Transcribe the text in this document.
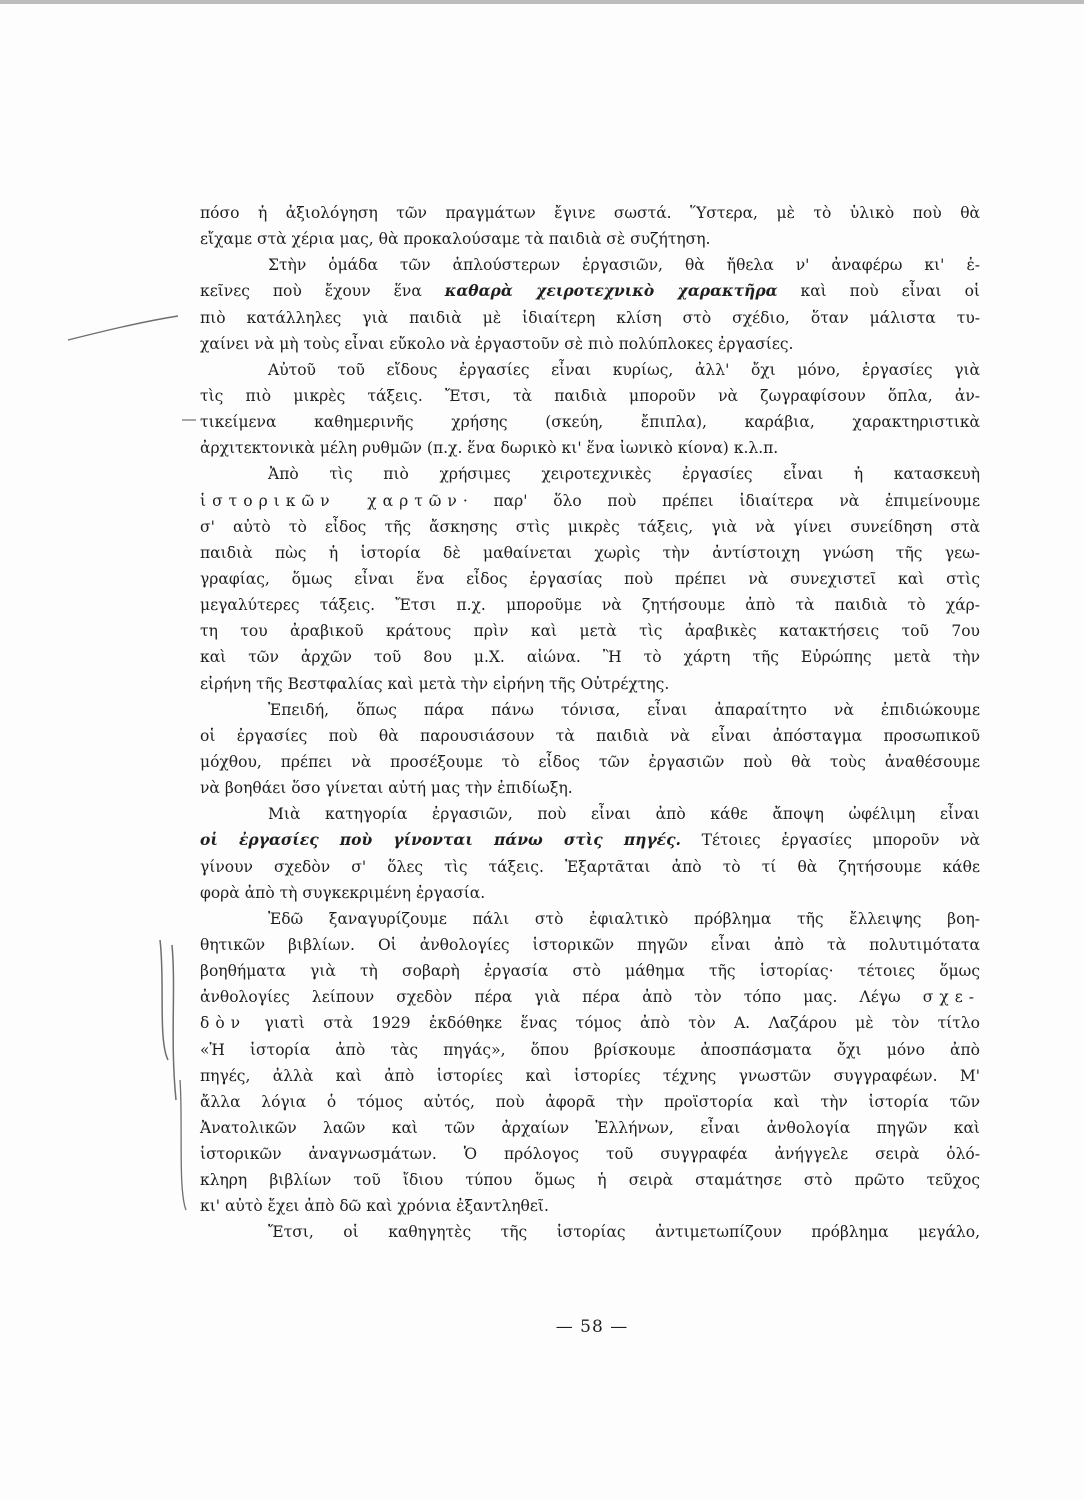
πόσο ἡ ἀξιολόγηση τῶν πραγμάτων ἔγινε σωστά. Ὕστερα, μὲ τὸ ὑλικὸ ποὺ θὰ
εἴχαμε στὰ χέρια μας, θὰ προκαλούσαμε τὰ παιδιὰ σὲ συζήτηση.
Στὴν ὁμάδα τῶν ἁπλούστερων ἐργασιῶν, θὰ ἤθελα ν' ἀναφέρω κι' ἐ-
κεῖνες ποὺ ἔχουν ἕνα καθαρὰ χειροτεχνικὸ χαρακτῆρα καὶ ποὺ εἶναι οἱ
πιὸ κατάλληλες γιὰ παιδιὰ μὲ ἰδιαίτερη κλίση στὸ σχέδιο, ὅταν μάλιστα τυ-
χαίνει νὰ μὴ τοὺς εἶναι εὔκολο νὰ ἐργαστοῦν σὲ πιὸ πολύπλοκες ἐργασίες.
Αὐτοῦ τοῦ εἴδους ἐργασίες εἶναι κυρίως, ἀλλ' ὄχι μόνο, ἐργασίες γιὰ
τὶς πιὸ μικρὲς τάξεις. Ἔτσι, τὰ παιδιὰ μποροῦν νὰ ζωγραφίσουν ὅπλα, ἀν-
τικείμενα καθημερινῆς χρήσης (σκεύη, ἔπιπλα), καράβια, χαρακτηριστικὰ
ἀρχιτεκτονικὰ μέλη ρυθμῶν (π.χ. ἕνα δωρικὸ κι' ἕνα ἰωνικὸ κίονα) κ.λ.π.
Ἀπὸ τὶς πιὸ χρήσιμες χειροτεχνικὲς ἐργασίες εἶναι ἡ κατασκευὴ
ἱστορικῶν χαρτῶν· παρ' ὅλο ποὺ πρέπει ἰδιαίτερα νὰ ἐπιμείνουμε
σ' αὐτὸ τὸ εἶδος τῆς ἄσκησης στὶς μικρὲς τάξεις, γιὰ νὰ γίνει συνείδηση στὰ
παιδιὰ πὼς ἡ ἱστορία δὲ μαθαίνεται χωρὶς τὴν ἀντίστοιχη γνώση τῆς γεω-
γραφίας, ὅμως εἶναι ἕνα εἶδος ἐργασίας ποὺ πρέπει νὰ συνεχιστεῖ καὶ στὶς
μεγαλύτερες τάξεις. Ἔτσι π.χ. μποροῦμε νὰ ζητήσουμε ἀπὸ τὰ παιδιὰ τὸ χάρ-
τη του ἀραβικοῦ κράτους πρὶν καὶ μετὰ τὶς ἀραβικὲς κατακτήσεις τοῦ 7ου
καὶ τῶν ἀρχῶν τοῦ 8ου μ.Χ. αἰώνα. Ἢ τὸ χάρτη τῆς Εὐρώπης μετὰ τὴν
εἰρήνη τῆς Βεστφαλίας καὶ μετὰ τὴν εἰρήνη τῆς Οὐτρέχτης.
Ἐπειδή, ὅπως πάρα πάνω τόνισα, εἶναι ἀπαραίτητο νὰ ἐπιδιώκουμε
οἱ ἐργασίες ποὺ θὰ παρουσιάσουν τὰ παιδιὰ νὰ εἶναι ἀπόσταγμα προσωπικοῦ
μόχθου, πρέπει νὰ προσέξουμε τὸ εἶδος τῶν ἐργασιῶν ποὺ θὰ τοὺς ἀναθέσουμε
νὰ βοηθάει ὅσο γίνεται αὐτή μας τὴν ἐπιδίωξη.
Μιὰ κατηγορία ἐργασιῶν, ποὺ εἶναι ἀπὸ κάθε ἄποψη ὠφέλιμη εἶναι
οἱ ἐργασίες ποὺ γίνονται πάνω στὶς πηγές. Τέτοιες ἐργασίες μποροῦν νὰ
γίνουν σχεδὸν σ' ὅλες τὶς τάξεις. Ἐξαρτᾶται ἀπὸ τὸ τί θὰ ζητήσουμε κάθε
φορὰ ἀπὸ τὴ συγκεκριμένη ἐργασία.
Ἐδῶ ξαναγυρίζουμε πάλι στὸ ἐφιαλτικὸ πρόβλημα τῆς ἔλλειψης βοη-
θητικῶν βιβλίων. Οἱ ἀνθολογίες ἱστορικῶν πηγῶν εἶναι ἀπὸ τὰ πολυτιμότατα
βοηθήματα γιὰ τὴ σοβαρὴ ἐργασία στὸ μάθημα τῆς ἱστορίας· τέτοιες ὅμως
ἀνθολογίες λείπουν σχεδὸν πέρα γιὰ πέρα ἀπὸ τὸν τόπο μας. Λέγω σχε-
δὸν γιατὶ στὰ 1929 ἐκδόθηκε ἕνας τόμος ἀπὸ τὸν Α. Λαζάρου μὲ τὸν τίτλο
«Ἡ ἱστορία ἀπὸ τὰς πηγάς», ὅπου βρίσκουμε ἀποσπάσματα ὄχι μόνο ἀπὸ
πηγές, ἀλλὰ καὶ ἀπὸ ἱστορίες καὶ ἱστορίες τέχνης γνωστῶν συγγραφέων. Μ'
ἄλλα λόγια ὁ τόμος αὐτός, ποὺ ἀφορᾶ τὴν προϊστορία καὶ τὴν ἱστορία τῶν
Ἀνατολικῶν λαῶν καὶ τῶν ἀρχαίων Ἑλλήνων, εἶναι ἀνθολογία πηγῶν καὶ
ἱστορικῶν ἀναγνωσμάτων. Ὁ πρόλογος τοῦ συγγραφέα ἀνήγγελε σειρὰ ὁλό-
κληρη βιβλίων τοῦ ἴδιου τύπου ὅμως ἡ σειρὰ σταμάτησε στὸ πρῶτο τεῦχος
κι' αὐτὸ ἔχει ἀπὸ δῶ καὶ χρόνια ἐξαντληθεῖ.
Ἔτσι, οἱ καθηγητὲς τῆς ἱστορίας ἀντιμετωπίζουν πρόβλημα μεγάλο,
— 58 —
